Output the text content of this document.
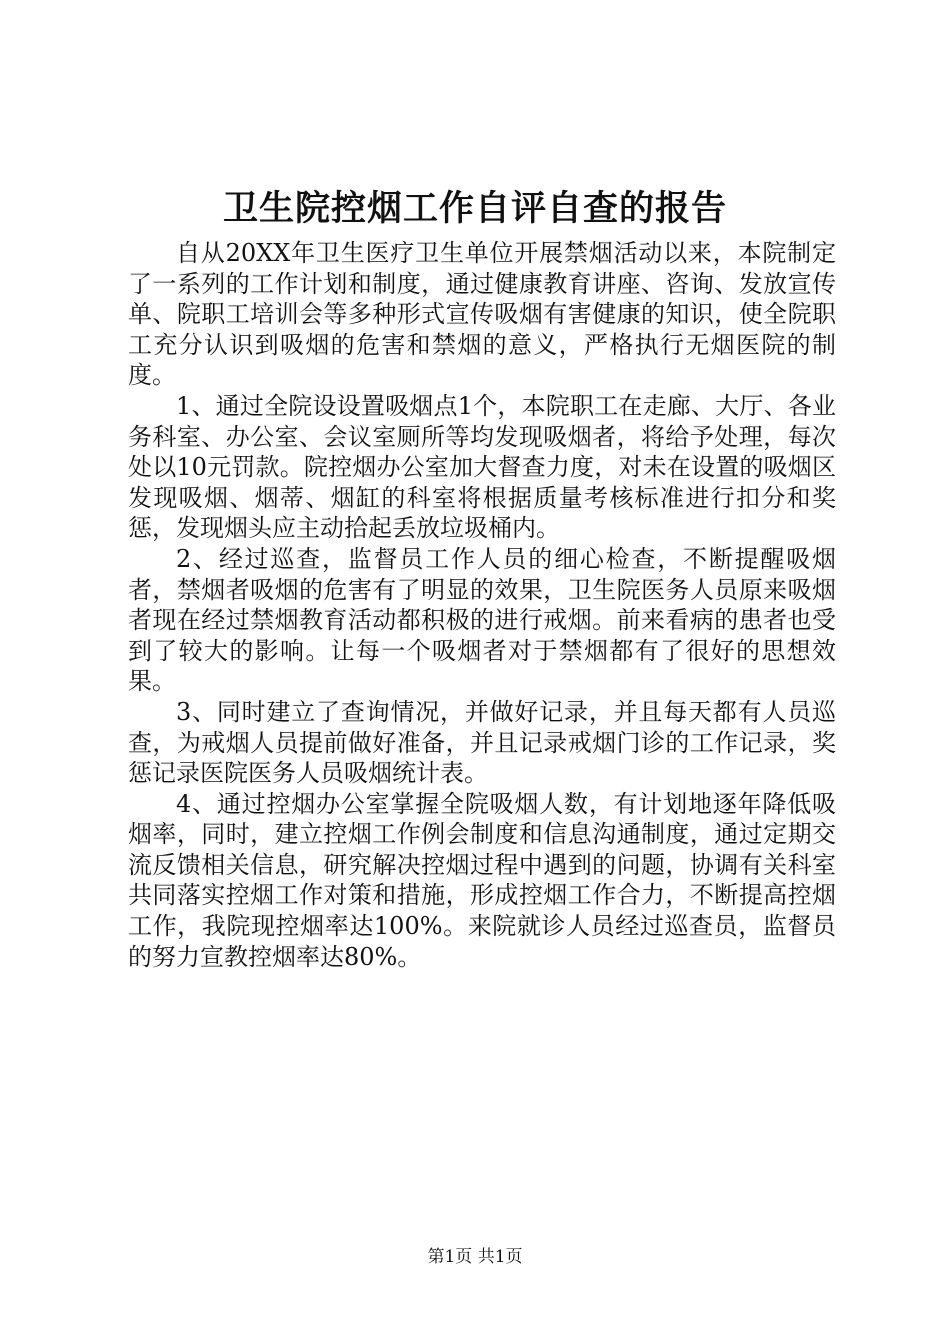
卫生院控烟工作自评自查的报告

自从20XX年卫生医疗卫生单位开展禁烟活动以来，本院制定了一系列的工作计划和制度，通过健康教育讲座、咨询、发放宣传单、院职工培训会等多种形式宣传吸烟有害健康的知识，使全院职工充分认识到吸烟的危害和禁烟的意义，严格执行无烟医院的制度。

1、通过全院设设置吸烟点1个，本院职工在走廊、大厅、各业务科室、办公室、会议室厕所等均发现吸烟者，将给予处理，每次处以10元罚款。院控烟办公室加大督查力度，对未在设置的吸烟区发现吸烟、烟蒂、烟缸的科室将根据质量考核标准进行扣分和奖惩，发现烟头应主动拾起丢放垃圾桶内。

2、经过巡查，监督员工作人员的细心检查，不断提醒吸烟者，禁烟者吸烟的危害有了明显的效果，卫生院医务人员原来吸烟者现在经过禁烟教育活动都积极的进行戒烟。前来看病的患者也受到了较大的影响。让每一个吸烟者对于禁烟都有了很好的思想效果。

3、同时建立了查询情况，并做好记录，并且每天都有人员巡查，为戒烟人员提前做好准备，并且记录戒烟门诊的工作记录，奖惩记录医院医务人员吸烟统计表。

4、通过控烟办公室掌握全院吸烟人数，有计划地逐年降低吸烟率，同时，建立控烟工作例会制度和信息沟通制度，通过定期交流反馈相关信息，研究解决控烟过程中遇到的问题，协调有关科室共同落实控烟工作对策和措施，形成控烟工作合力，不断提高控烟工作，我院现控烟率达100%。来院就诊人员经过巡查员，监督员的努力宣教控烟率达80%。

第1页 共1页
